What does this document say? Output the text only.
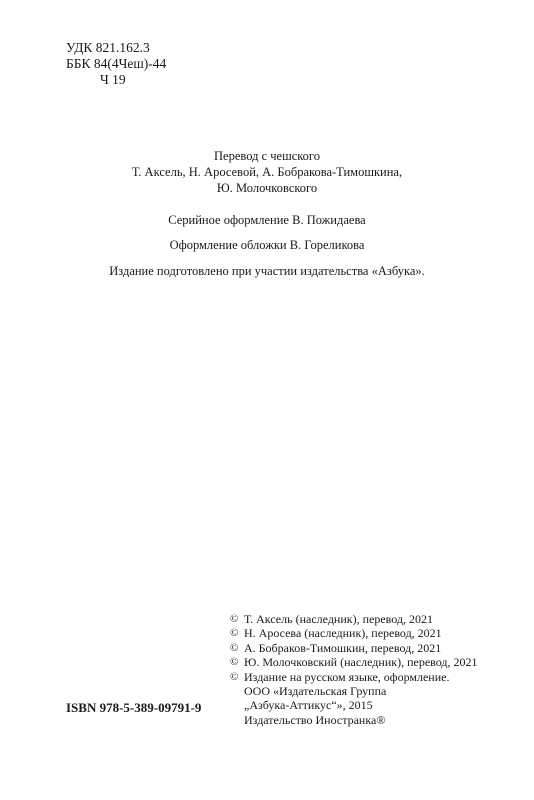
УДК 821.162.3
ББК 84(4Чеш)-44
Ч 19
Перевод с чешского
Т. Аксель, Н. Аросевой, А. Бобракова-Тимошкина,
Ю. Молочковского
Серийное оформление В. Пожидаева
Оформление обложки В. Гореликова
Издание подготовлено при участии издательства «Азбука».
© Т. Аксель (наследник), перевод, 2021
© Н. Аросева (наследник), перевод, 2021
© А. Бобраков-Тимошкин, перевод, 2021
© Ю. Молочковский (наследник), перевод, 2021
© Издание на русском языке, оформление.
ООО «Издательская Группа
„Азбука-Аттикус“», 2015
Издательство Иностранка®
ISBN 978-5-389-09791-9
